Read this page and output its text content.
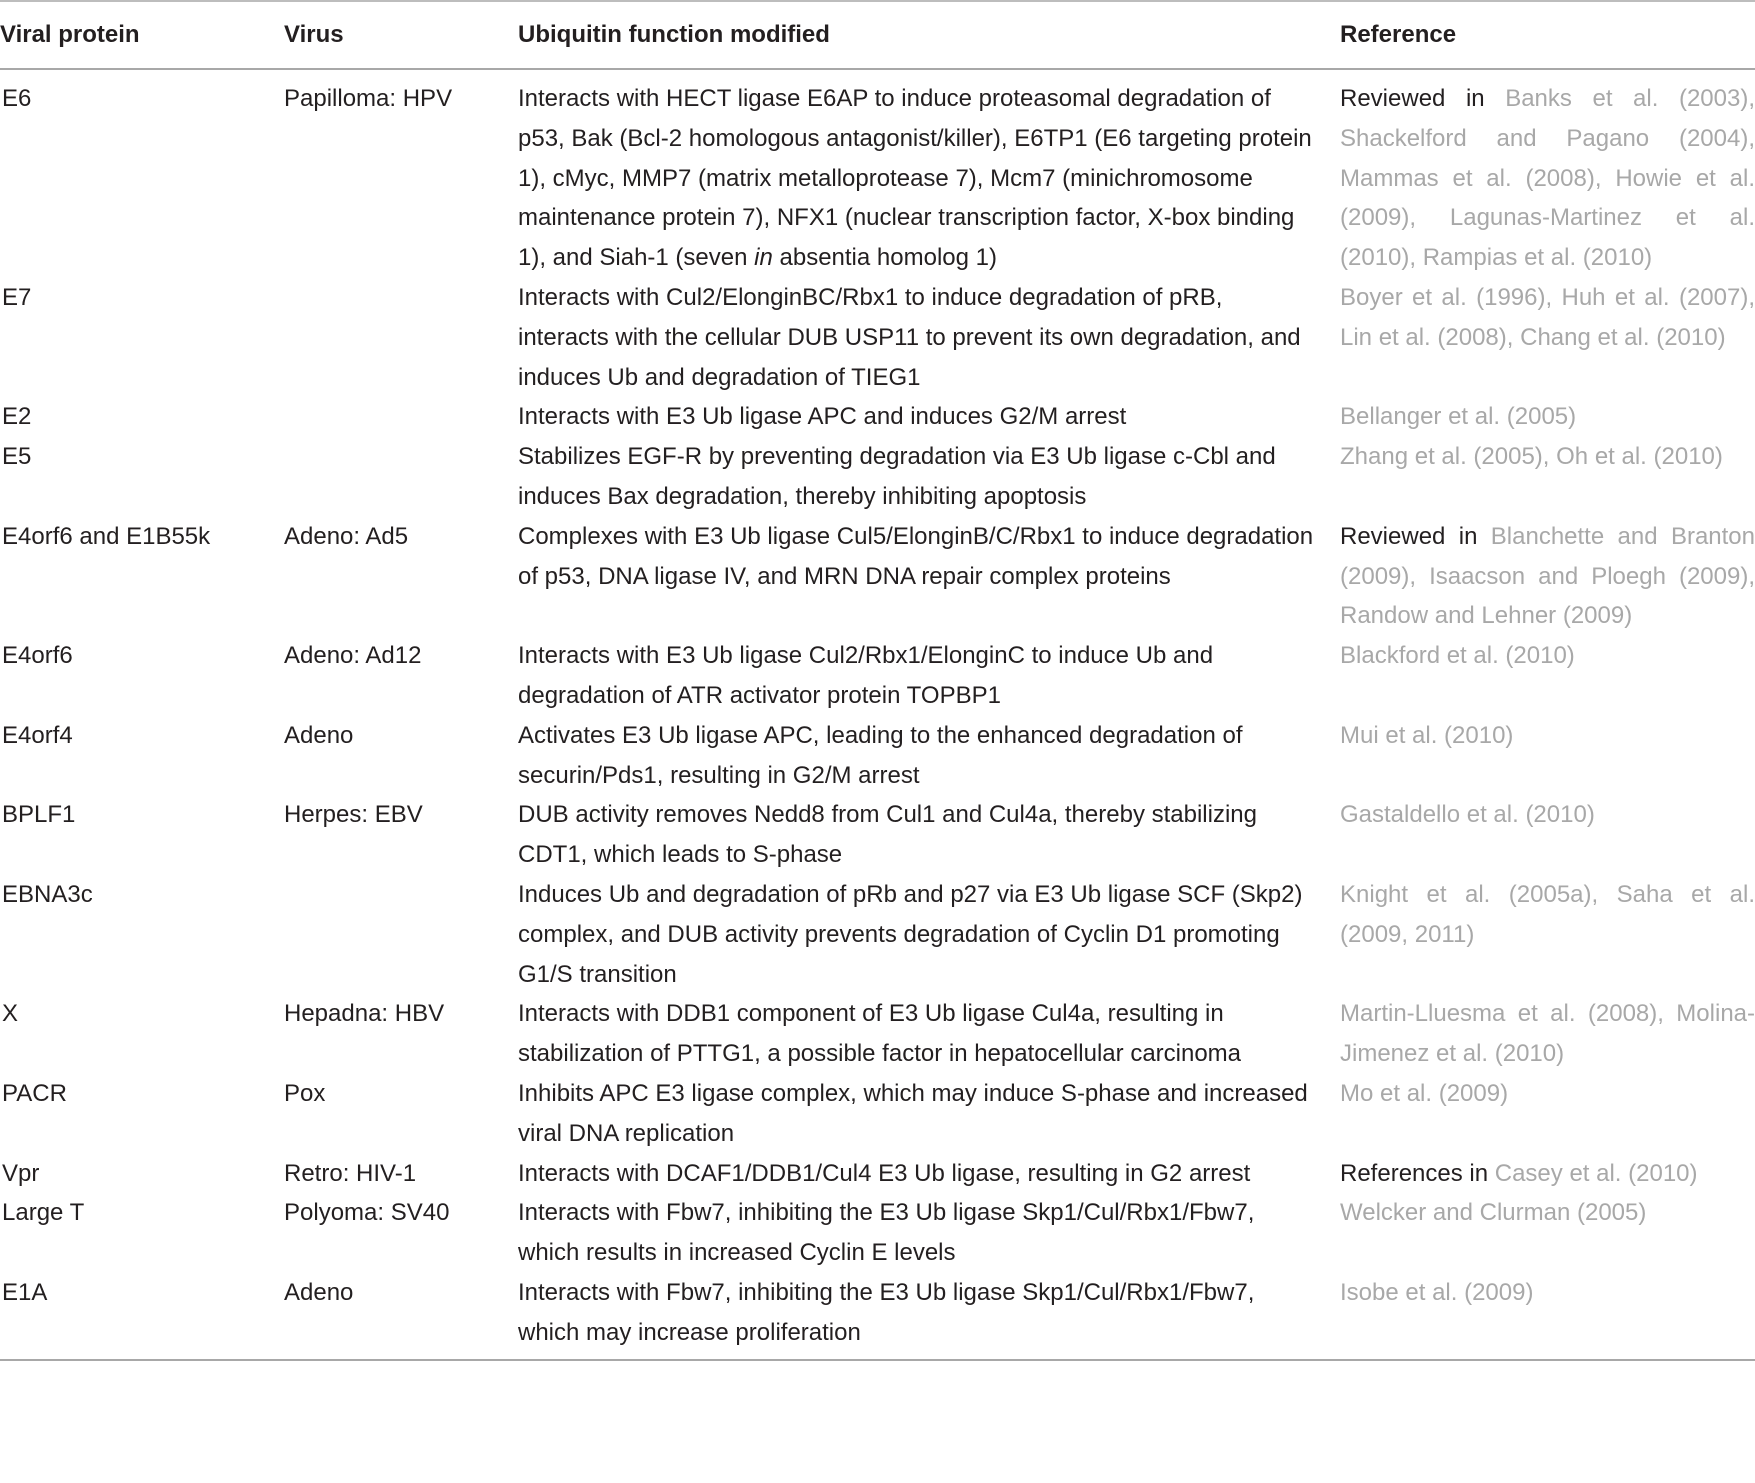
Viral protein	Virus	Ubiquitin function modified	Reference
E6	Papilloma: HPV	Interacts with HECT ligase E6AP to induce proteasomal degradation of p53, Bak (Bcl-2 homologous antagonist/killer), E6TP1 (E6 targeting protein 1), cMyc, MMP7 (matrix metalloprotease 7), Mcm7 (minichromosome maintenance protein 7), NFX1 (nuclear transcription factor, X-box binding 1), and Siah-1 (seven in absentia homolog 1)	Reviewed in Banks et al. (2003), Shackelford and Pagano (2004), Mammas et al. (2008), Howie et al. (2009), Lagunas-Martinez et al. (2010), Rampias et al. (2010)
E7		Interacts with Cul2/ElonginBC/Rbx1 to induce degradation of pRB, interacts with the cellular DUB USP11 to prevent its own degradation, and induces Ub and degradation of TIEG1	Boyer et al. (1996), Huh et al. (2007), Lin et al. (2008), Chang et al. (2010)
E2		Interacts with E3 Ub ligase APC and induces G2/M arrest	Bellanger et al. (2005)
E5		Stabilizes EGF-R by preventing degradation via E3 Ub ligase c-Cbl and induces Bax degradation, thereby inhibiting apoptosis	Zhang et al. (2005), Oh et al. (2010)
E4orf6 and E1B55k	Adeno: Ad5	Complexes with E3 Ub ligase Cul5/ElonginB/C/Rbx1 to induce degradation of p53, DNA ligase IV, and MRN DNA repair complex proteins	Reviewed in Blanchette and Branton (2009), Isaacson and Ploegh (2009), Randow and Lehner (2009)
E4orf6	Adeno: Ad12	Interacts with E3 Ub ligase Cul2/Rbx1/ElonginC to induce Ub and degradation of ATR activator protein TOPBP1	Blackford et al. (2010)
E4orf4	Adeno	Activates E3 Ub ligase APC, leading to the enhanced degradation of securin/Pds1, resulting in G2/M arrest	Mui et al. (2010)
BPLF1	Herpes: EBV	DUB activity removes Nedd8 from Cul1 and Cul4a, thereby stabilizing CDT1, which leads to S-phase	Gastaldello et al. (2010)
EBNA3c		Induces Ub and degradation of pRb and p27 via E3 Ub ligase SCF (Skp2) complex, and DUB activity prevents degradation of Cyclin D1 promoting G1/S transition	Knight et al. (2005a), Saha et al. (2009, 2011)
X	Hepadna: HBV	Interacts with DDB1 component of E3 Ub ligase Cul4a, resulting in stabilization of PTTG1, a possible factor in hepatocellular carcinoma	Martin-Lluesma et al. (2008), Molina-Jimenez et al. (2010)
PACR	Pox	Inhibits APC E3 ligase complex, which may induce S-phase and increased viral DNA replication	Mo et al. (2009)
Vpr	Retro: HIV-1	Interacts with DCAF1/DDB1/Cul4 E3 Ub ligase, resulting in G2 arrest	References in Casey et al. (2010)
Large T	Polyoma: SV40	Interacts with Fbw7, inhibiting the E3 Ub ligase Skp1/Cul/Rbx1/Fbw7, which results in increased Cyclin E levels	Welcker and Clurman (2005)
E1A	Adeno	Interacts with Fbw7, inhibiting the E3 Ub ligase Skp1/Cul/Rbx1/Fbw7, which may increase proliferation	Isobe et al. (2009)
